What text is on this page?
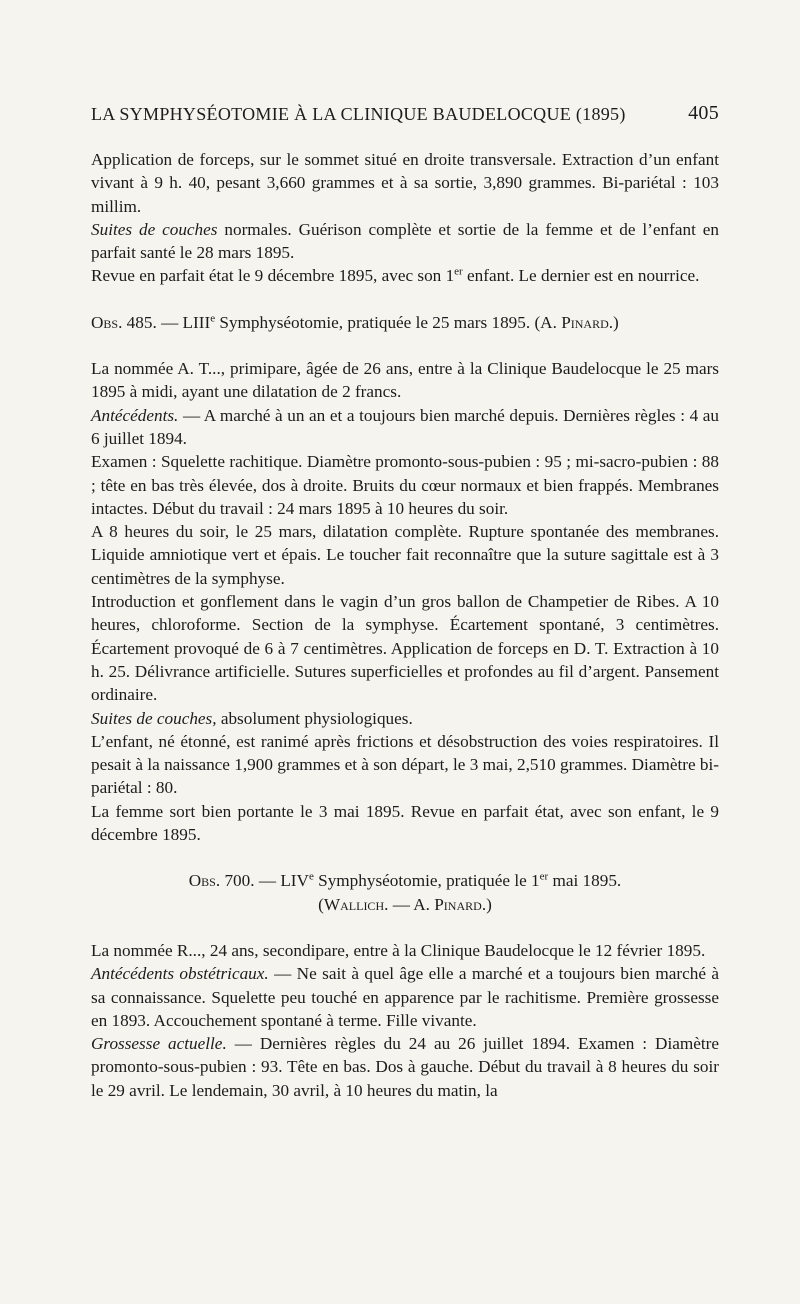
LA SYMPHYSÉOTOMIE À LA CLINIQUE BAUDELOCQUE (1895)	405

Application de forceps, sur le sommet situé en droite transversale. Extraction d’un enfant vivant à 9 h. 40, pesant 3,660 grammes et à sa sortie, 3,890 grammes. Bi-pariétal : 103 millim.

Suites de couches normales. Guérison complète et sortie de la femme et de l’enfant en parfait santé le 28 mars 1895.

Revue en parfait état le 9 décembre 1895, avec son 1er enfant. Le dernier est en nourrice.

Obs. 485. — LIIIe Symphyséotomie, pratiquée le 25 mars 1895. (A. Pinard.)

La nommée A. T..., primipare, âgée de 26 ans, entre à la Clinique Baudelocque le 25 mars 1895 à midi, ayant une dilatation de 2 francs.

Antécédents. — A marché à un an et a toujours bien marché depuis. Dernières règles : 4 au 6 juillet 1894.

Examen : Squelette rachitique. Diamètre promonto-sous-pubien : 95 ; mi-sacro-pubien : 88 ; tête en bas très élevée, dos à droite. Bruits du cœur normaux et bien frappés. Membranes intactes. Début du travail : 24 mars 1895 à 10 heures du soir.

A 8 heures du soir, le 25 mars, dilatation complète. Rupture spontanée des membranes. Liquide amniotique vert et épais. Le toucher fait reconnaître que la suture sagittale est à 3 centimètres de la symphyse.

Introduction et gonflement dans le vagin d’un gros ballon de Champetier de Ribes. A 10 heures, chloroforme. Section de la symphyse. Écartement spontané, 3 centimètres. Écartement provoqué de 6 à 7 centimètres. Application de forceps en D. T. Extraction à 10 h. 25. Délivrance artificielle. Sutures superficielles et profondes au fil d’argent. Pansement ordinaire.

Suites de couches, absolument physiologiques.

L’enfant, né étonné, est ranimé après frictions et désobstruction des voies respiratoires. Il pesait à la naissance 1,900 grammes et à son départ, le 3 mai, 2,510 grammes. Diamètre bi-pariétal : 80.

La femme sort bien portante le 3 mai 1895. Revue en parfait état, avec son enfant, le 9 décembre 1895.

Obs. 700. — LIVe Symphyséotomie, pratiquée le 1er mai 1895.

(Wallich. — A. Pinard.)

La nommée R..., 24 ans, secondipare, entre à la Clinique Baudelocque le 12 février 1895.

Antécédents obstétricaux. — Ne sait à quel âge elle a marché et a toujours bien marché à sa connaissance. Squelette peu touché en apparence par le rachitisme. Première grossesse en 1893. Accouchement spontané à terme. Fille vivante.

Grossesse actuelle. — Dernières règles du 24 au 26 juillet 1894. Examen : Diamètre promonto-sous-pubien : 93. Tête en bas. Dos à gauche. Début du travail à 8 heures du soir le 29 avril. Le lendemain, 30 avril, à 10 heures du matin, la
